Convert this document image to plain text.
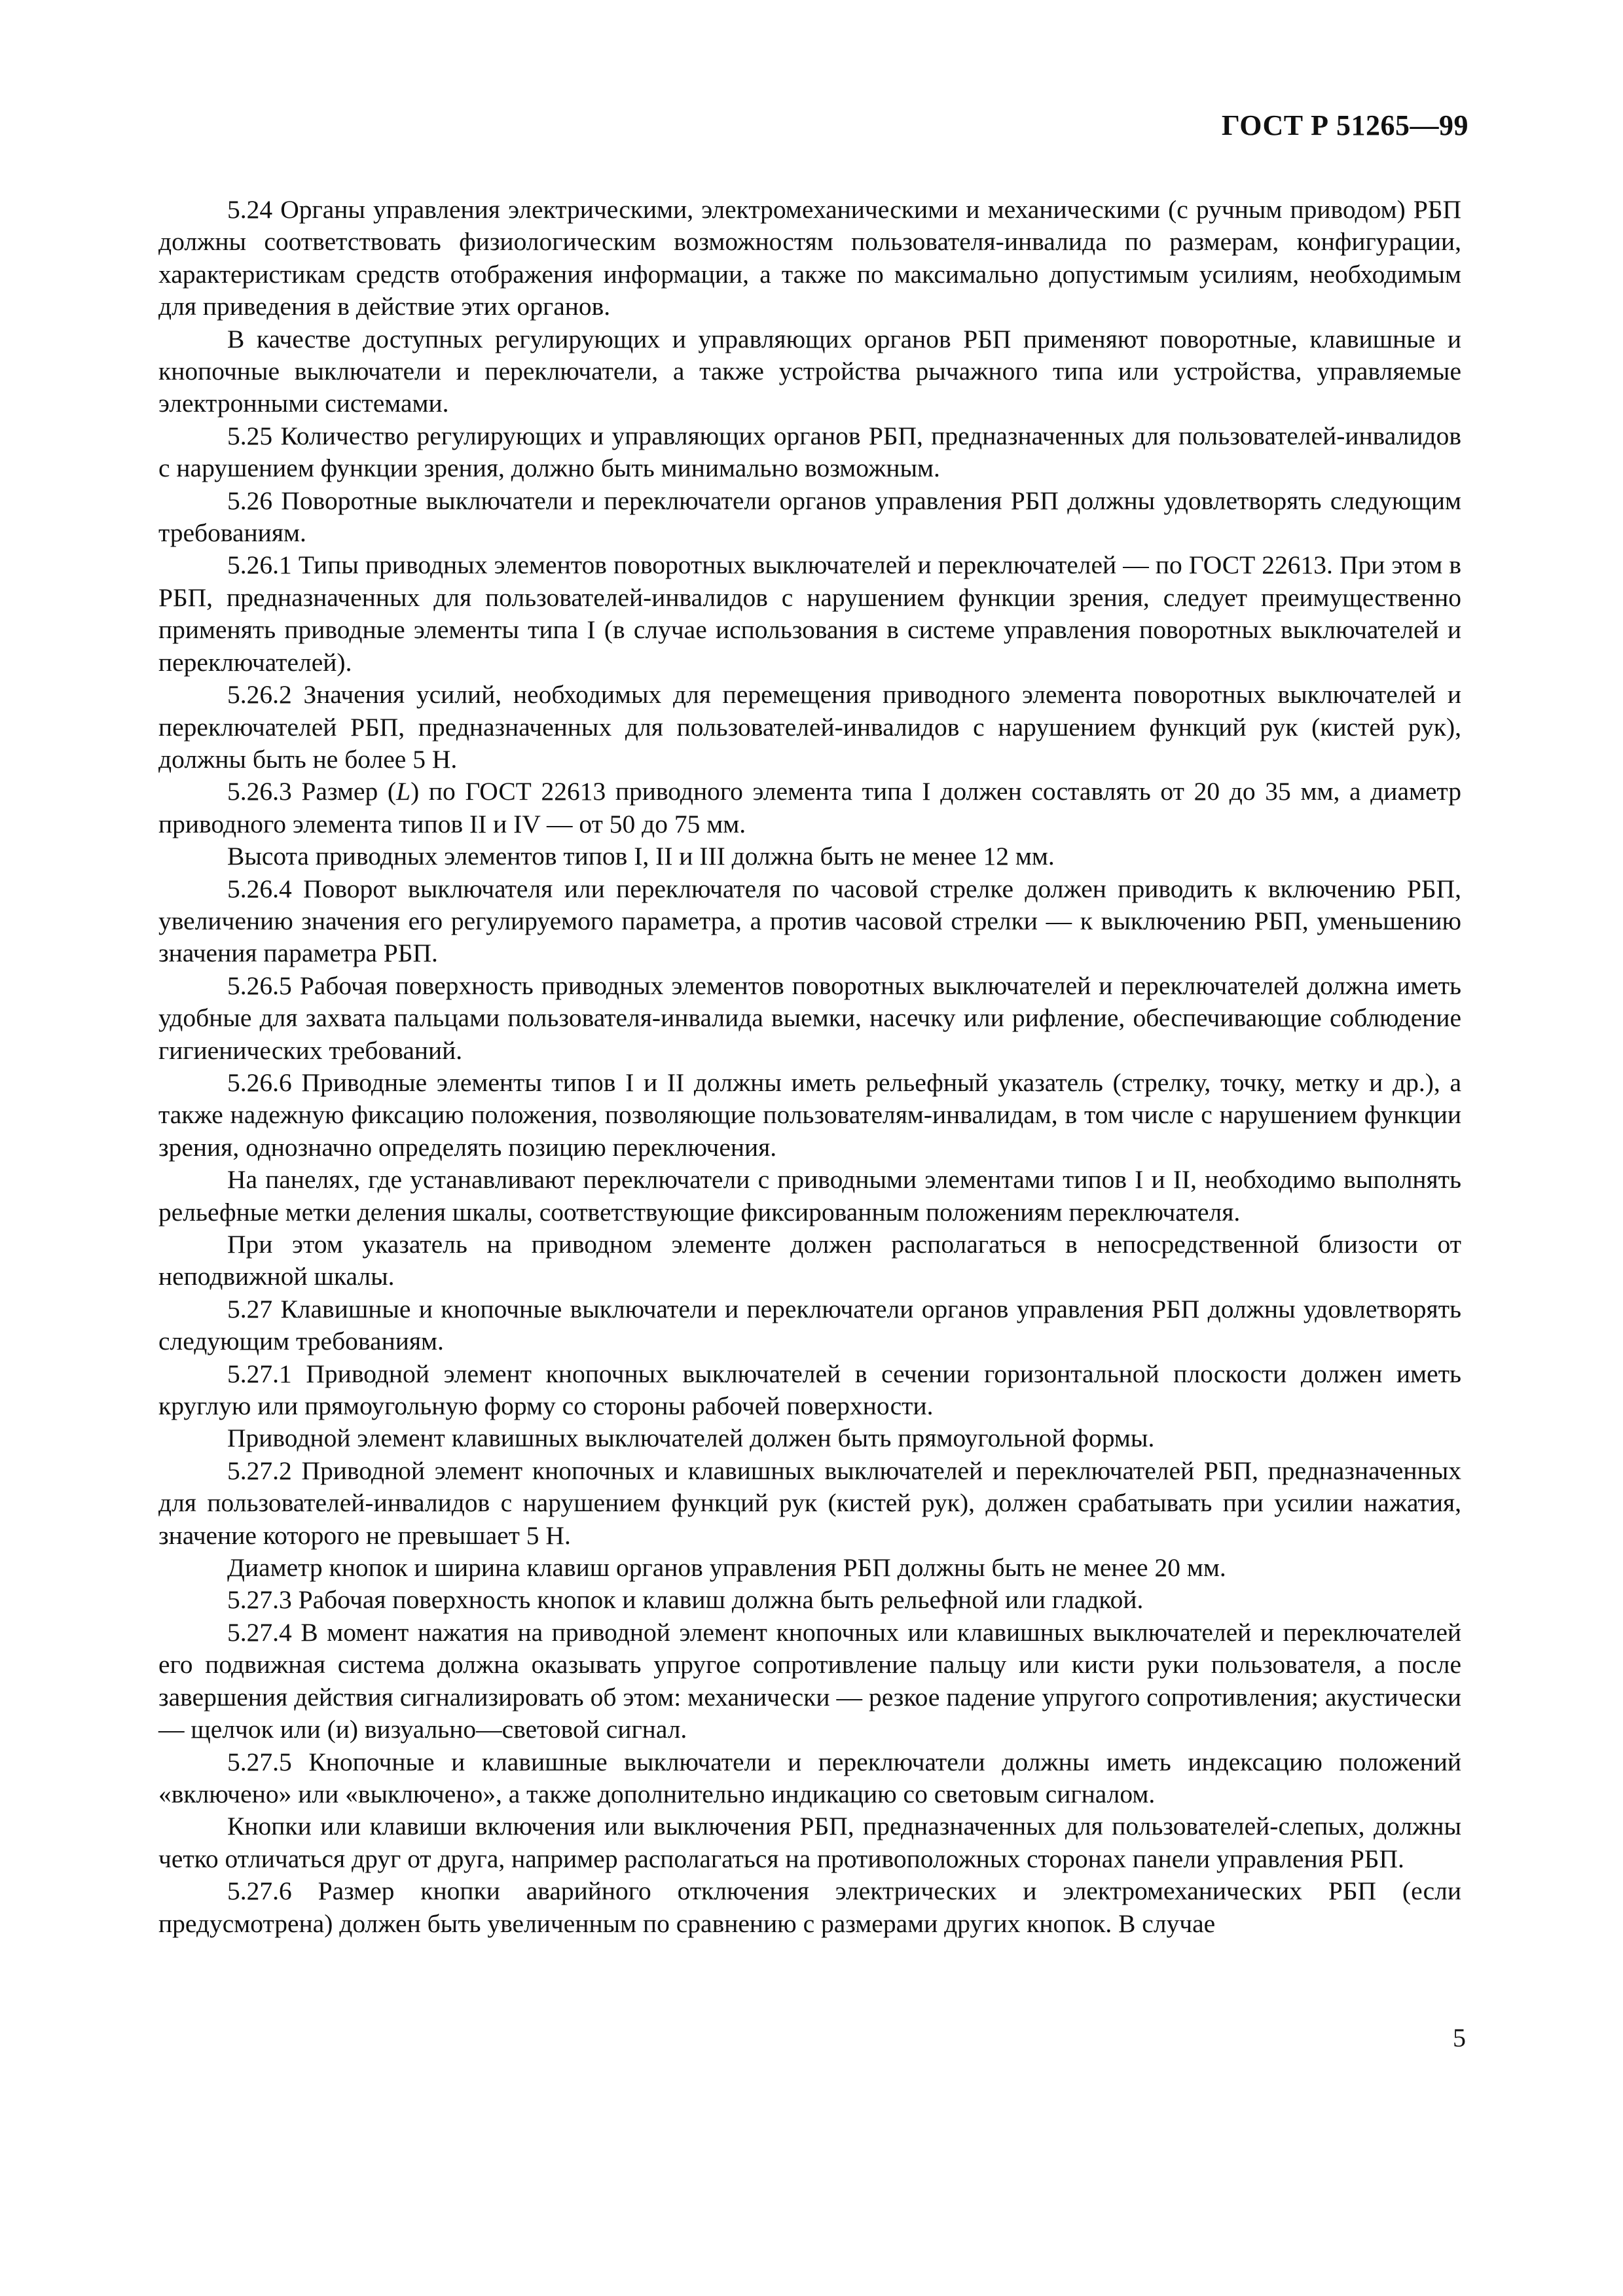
ГОСТ Р 51265—99

5.24 Органы управления электрическими, электромеханическими и механическими (с ручным приводом) РБП должны соответствовать физиологическим возможностям пользователя-инвалида по размерам, конфигурации, характеристикам средств отображения информации, а также по максимально допустимым усилиям, необходимым для приведения в действие этих органов.

В качестве доступных регулирующих и управляющих органов РБП применяют поворотные, клавишные и кнопочные выключатели и переключатели, а также устройства рычажного типа или устройства, управляемые электронными системами.

5.25 Количество регулирующих и управляющих органов РБП, предназначенных для пользователей-инвалидов с нарушением функции зрения, должно быть минимально возможным.

5.26 Поворотные выключатели и переключатели органов управления РБП должны удовлетворять следующим требованиям.

5.26.1 Типы приводных элементов поворотных выключателей и переключателей — по ГОСТ 22613. При этом в РБП, предназначенных для пользователей-инвалидов с нарушением функции зрения, следует преимущественно применять приводные элементы типа I (в случае использования в системе управления поворотных выключателей и переключателей).

5.26.2 Значения усилий, необходимых для перемещения приводного элемента поворотных выключателей и переключателей РБП, предназначенных для пользователей-инвалидов с нарушением функций рук (кистей рук), должны быть не более 5 Н.

5.26.3 Размер (L) по ГОСТ 22613 приводного элемента типа I должен составлять от 20 до 35 мм, а диаметр приводного элемента типов II и IV — от 50 до 75 мм.

Высота приводных элементов типов I, II и III должна быть не менее 12 мм.

5.26.4 Поворот выключателя или переключателя по часовой стрелке должен приводить к включению РБП, увеличению значения его регулируемого параметра, а против часовой стрелки — к выключению РБП, уменьшению значения параметра РБП.

5.26.5 Рабочая поверхность приводных элементов поворотных выключателей и переключателей должна иметь удобные для захвата пальцами пользователя-инвалида выемки, насечку или рифление, обеспечивающие соблюдение гигиенических требований.

5.26.6 Приводные элементы типов I и II должны иметь рельефный указатель (стрелку, точку, метку и др.), а также надежную фиксацию положения, позволяющие пользователям-инвалидам, в том числе с нарушением функции зрения, однозначно определять позицию переключения.

На панелях, где устанавливают переключатели с приводными элементами типов I и II, необходимо выполнять рельефные метки деления шкалы, соответствующие фиксированным положениям переключателя.

При этом указатель на приводном элементе должен располагаться в непосредственной близости от неподвижной шкалы.

5.27 Клавишные и кнопочные выключатели и переключатели органов управления РБП должны удовлетворять следующим требованиям.

5.27.1 Приводной элемент кнопочных выключателей в сечении горизонтальной плоскости должен иметь круглую или прямоугольную форму со стороны рабочей поверхности.

Приводной элемент клавишных выключателей должен быть прямоугольной формы.

5.27.2 Приводной элемент кнопочных и клавишных выключателей и переключателей РБП, предназначенных для пользователей-инвалидов с нарушением функций рук (кистей рук), должен срабатывать при усилии нажатия, значение которого не превышает 5 Н.

Диаметр кнопок и ширина клавиш органов управления РБП должны быть не менее 20 мм.

5.27.3 Рабочая поверхность кнопок и клавиш должна быть рельефной или гладкой.

5.27.4 В момент нажатия на приводной элемент кнопочных или клавишных выключателей и переключателей его подвижная система должна оказывать упругое сопротивление пальцу или кисти руки пользователя, а после завершения действия сигнализировать об этом: механически — резкое падение упругого сопротивления; акустически — щелчок или (и) визуально—световой сигнал.

5.27.5 Кнопочные и клавишные выключатели и переключатели должны иметь индексацию положений «включено» или «выключено», а также дополнительно индикацию со световым сигналом.

Кнопки или клавиши включения или выключения РБП, предназначенных для пользователей-слепых, должны четко отличаться друг от друга, например располагаться на противоположных сторонах панели управления РБП.

5.27.6 Размер кнопки аварийного отключения электрических и электромеханических РБП (если предусмотрена) должен быть увеличенным по сравнению с размерами других кнопок. В случае

5
